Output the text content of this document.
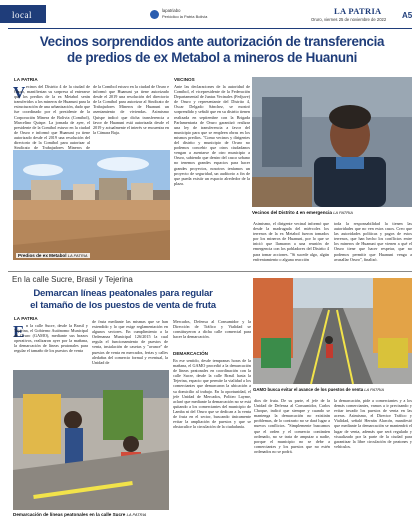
local	lapatriabo
Periódico la Patria Bolivia
LA PATRIA
Oruro, viernes 25 de noviembre de 2022 A5
Vecinos sorprendidos ante autorización de transferencia
de predios de ex Metabol a mineros de Huanuni
LA PATRIA
V ecinos del Distrito 4 de la ciudad de Oruro, manifiestan su sorpresa al enterarse que los predios de la ex Metabol serán transferidos a los mineros de Huanuni para la estructuración de una urbanización, dado que fue coordinado por el presidente de la Corporación Minera de Bolivia (Comibol), Marcelino Quispe. La jornada de ayer, el presidente de la Comibol estuvo en la ciudad de Oruro e informó que Huanuni ya tiene autorizado desde el 2019 una resolución del directorio de la Comibol para autorizar al Sindicato de Trabajadores Mineros de
de la Comibol estuvo en la ciudad de Oruro e informó que Huanuni ya tiene autorizado desde el 2019 una resolución del directorio de la Comibol para autorizar al Sindicato de Trabajadores Mineros de Huanuni un asentamiento de viviendas. Asimismo Quispe indicó que dicha transferencia a favor de Huanuni está autorizada desde el 2019 y actualmente el interés se encuentra en la Cámara Baja.
Predios de ex Metabol LA PATRIA
VECINOS
Ante las declaraciones de la autoridad de Comibol, el vicepresidente de la Federación Departamental de Juntas Vecinales (Fedjuve) de Oruro y representante del Distrito 4, Oscar Delgado Sánchez, se mostró sorprendido y señaló que en su distrito tienen realizada en septiembre con la Brigada Parlamentaria de Oruro garantizó realizar una ley de transferencia a favor del municipio para que se empleen obras en los mismos predios. "Como vecinos y dirigentes del distrito y municipio de Oruro no podemos concebir que otros ciudadanos vengan a asentarse de otro municipio a Oruro, sabiendo que dentro del casco urbano no tenemos grandes espacios para hacer grandes proyectos, nosotros teníamos un proyecto de seguridad, un auditorio a fin de que pueda existir un espacio alrededor de la plaza.
Vecinos del Distrito 4 en emergencia LA PATRIA
Asimismo, el dirigente vecinal informó que desde la madrugada del miércoles los terrenos de la ex Metabol fueron tomados por los mineros de Huanuni, por lo que se inició que llamaron a una reunión de emergencia con los pobladores del Distrito 4 para tomar acciones. "Si sucede algo, algún enfrentamiento o alguna reacción
toda la responsabilidad la tienen las autoridades que no ven estos casos. Creo que las autoridades políticas y pagos de estos terrenos, que han hecho los conflictos entre los mineros de Huanuni que vienen a qué el Oruro tiene que hacer respetar, que no podemos permitir que Huanuni venga a avasallar Oruro", finalizó.
En la calle Sucre, Brasil y Tejerina
Demarcan líneas peatonales para regular
el tamaño de los puestos de venta de fruta
LA PATRIA
E n la calle Sucre, desde la Brasil y Tejerina, el Gobierno Autónomo Municipal de Oruro (GAMO), mediante sus brazos operativos, realizaron ayer por la mañana, la demarcación de líneas peatonales para regular el tamaño de los puestos de venta
de fruta mediante las mismas que se han extendido y lo que exige reglamentación en algunos sectores. En cumplimiento a la Ordenanza Municipal 126/2015 la cual regula el funcionamiento de puestos de venta, instalación de casetas y "avance" de puestos de venta en mercados, ferias y calles aledañas del comercio formal y eventual, la Unidad de
Demarcación de líneas peatonales en la calle Sucre LA PATRIA
Mercados, Defensa al Consumidor y la Dirección de Tráfico y Vialidad se constituyeron a dicha calle comercial para hacer la demarcación.
DEMARCACIÓN
En ese sentido, desde tempranas horas de la mañana, el GAMO procedió a la demarcación de líneas peatonales en coordinación con la calle Sucre, desde la calle Brasil hasta la Tejerina, espacio que permite la vialidad a los comerciantes que demarcaron la ubicación a su domicilio al trabajo. En la oportunidad, el jefe Unidad de Mercados, Politeo Layme, aclaró que mediante la demarcación no se está quitando a los comerciantes del municipio de Lamba ni del Oruro que se dedican a la venta de fruta en el sector, buscando únicamente evitar la ampliación de puestos y que se obstaculice la circulación de la ciudadanía.
GAMO busca evitar el avance de los puestos de venta LA PATRIA
dios de fruta. De su parte, el jefe de la Unidad de Defensa al Consumidor, Carlos Choque, indicó que siempre y cuando se mantenga la demarcación no existirán problemas, de lo contrario no se dará lugar a nuevos conflictos. "Simplemente buscamos que el orden y el comercio continúen ordenado, no se trata de amputar a nadie, porque el municipio no se debe a comerciantes y los puestos que no estén ordenados no se podrá.
la demarcación, pide a comerciantes y a los demás comerciantes, vamos a ir precisando y evitar invadir los puestos de venta en las aceras. Asimismo, el Director Tráfico y Vialidad, señaló Hernán Alarcón, manifestó que mediante la demarcación se mantendrá el lugar de venta, además que será regulado y visualizado por la parte de la ciudad para garantizar la libre circulación de peatones y vehículos.
